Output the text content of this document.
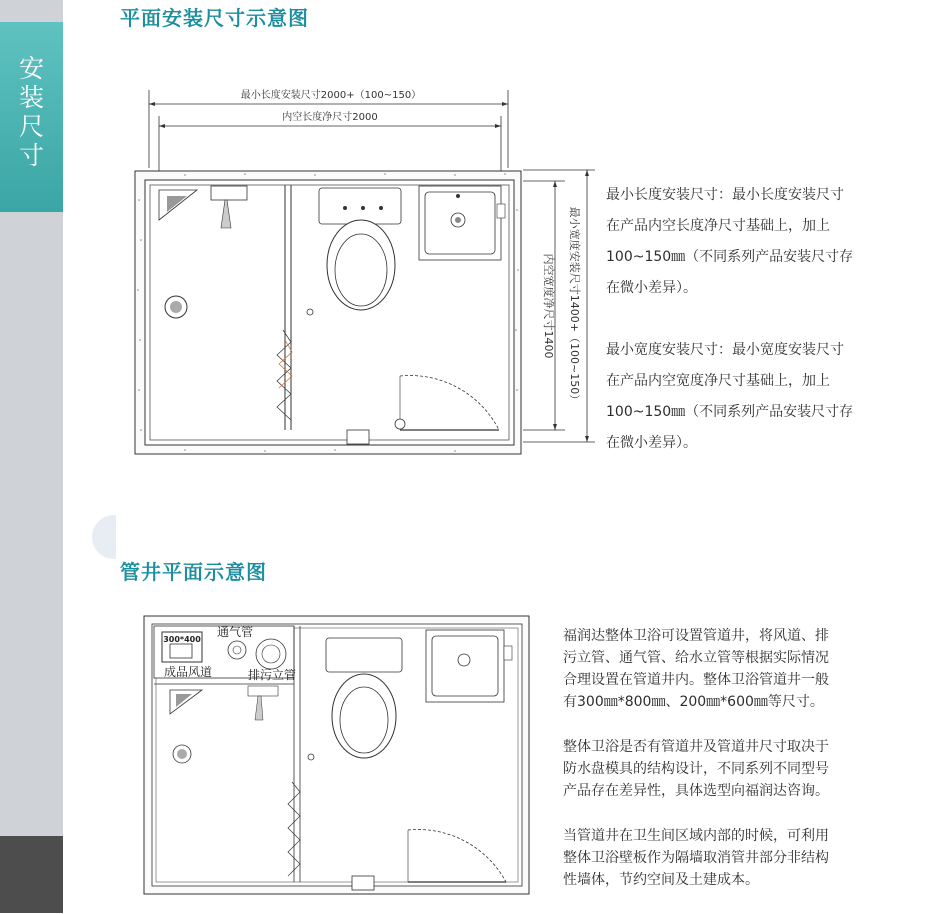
安
装
尺
寸
平面安装尺寸示意图
最小长度安装尺寸2000+（100~150）
内空长度净尺寸2000
最小宽度安装尺寸1400+（100~150）
内空宽度净尺寸1400
最小长度安装尺寸：最小长度安装尺寸
在产品内空长度净尺寸基础上，加上
100~150㎜（不同系列产品安装尺寸存
在微小差异）。
最小宽度安装尺寸：最小宽度安装尺寸
在产品内空宽度净尺寸基础上，加上
100~150㎜（不同系列产品安装尺寸存
在微小差异）。
管井平面示意图
300*400
通气管
成品风道	排污立管

福润达整体卫浴可设置管道井，将风道、排
污立管、通气管、给水立管等根据实际情况
合理设置在管道井内。整体卫浴管道井一般
有300㎜*800㎜、200㎜*600㎜等尺寸。

整体卫浴是否有管道井及管道井尺寸取决于
防水盘模具的结构设计，不同系列不同型号
产品存在差异性，具体选型向福润达咨询。

当管道井在卫生间区域内部的时候，可利用
整体卫浴壁板作为隔墙取消管井部分非结构
性墙体，节约空间及土建成本。
